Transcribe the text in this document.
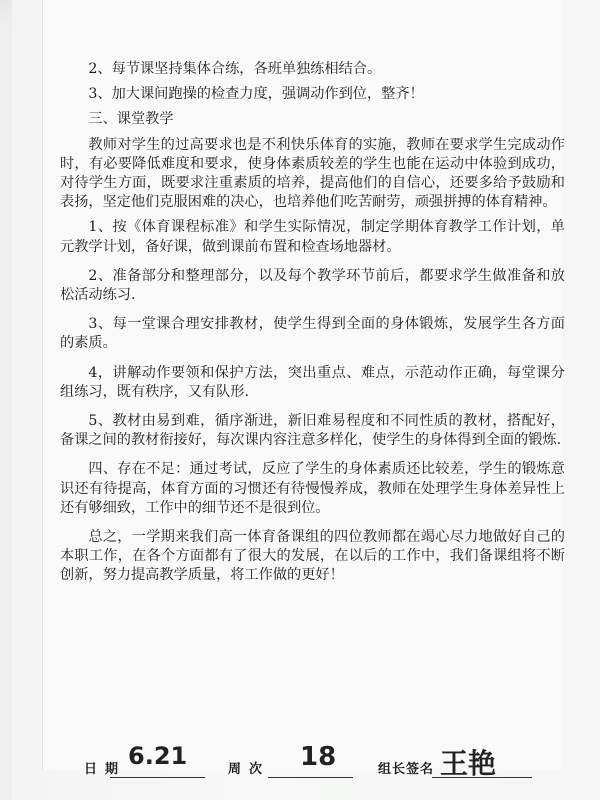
2、每节课坚持集体合练，各班单独练相结合。

3、加大课间跑操的检查力度，强调动作到位，整齐！

三、课堂教学

教师对学生的过高要求也是不利快乐体育的实施，教师在要求学生完成动作时，有必要降低难度和要求，使身体素质较差的学生也能在运动中体验到成功，对待学生方面，既要求注重素质的培养，提高他们的自信心，还要多给予鼓励和表扬，坚定他们克服困难的决心，也培养他们吃苦耐劳，顽强拼搏的体育精神。

1、按《体育课程标准》和学生实际情况，制定学期体育教学工作计划，单元教学计划，备好课，做到课前布置和检查场地器材。

2、准备部分和整理部分，以及每个教学环节前后，都要求学生做准备和放松活动练习.

3、每一堂课合理安排教材，使学生得到全面的身体锻炼，发展学生各方面的素质。

4，讲解动作要领和保护方法，突出重点、难点，示范动作正确，每堂课分组练习，既有秩序，又有队形.

5、教材由易到难，循序渐进，新旧难易程度和不同性质的教材，搭配好，备课之间的教材衔接好，每次课内容注意多样化，使学生的身体得到全面的锻炼.

四、存在不足：通过考试，反应了学生的身体素质还比较差，学生的锻炼意识还有待提高，体育方面的习惯还有待慢慢养成，教师在处理学生身体差异性上还有够细致，工作中的细节还不是很到位。

总之，一学期来我们高一体育备课组的四位教师都在竭心尽力地做好自己的本职工作，在各个方面都有了很大的发展，在以后的工作中，我们备课组将不断创新，努力提高教学质量，将工作做的更好！

日期 6.21	周次 18	组长签名 王艳
